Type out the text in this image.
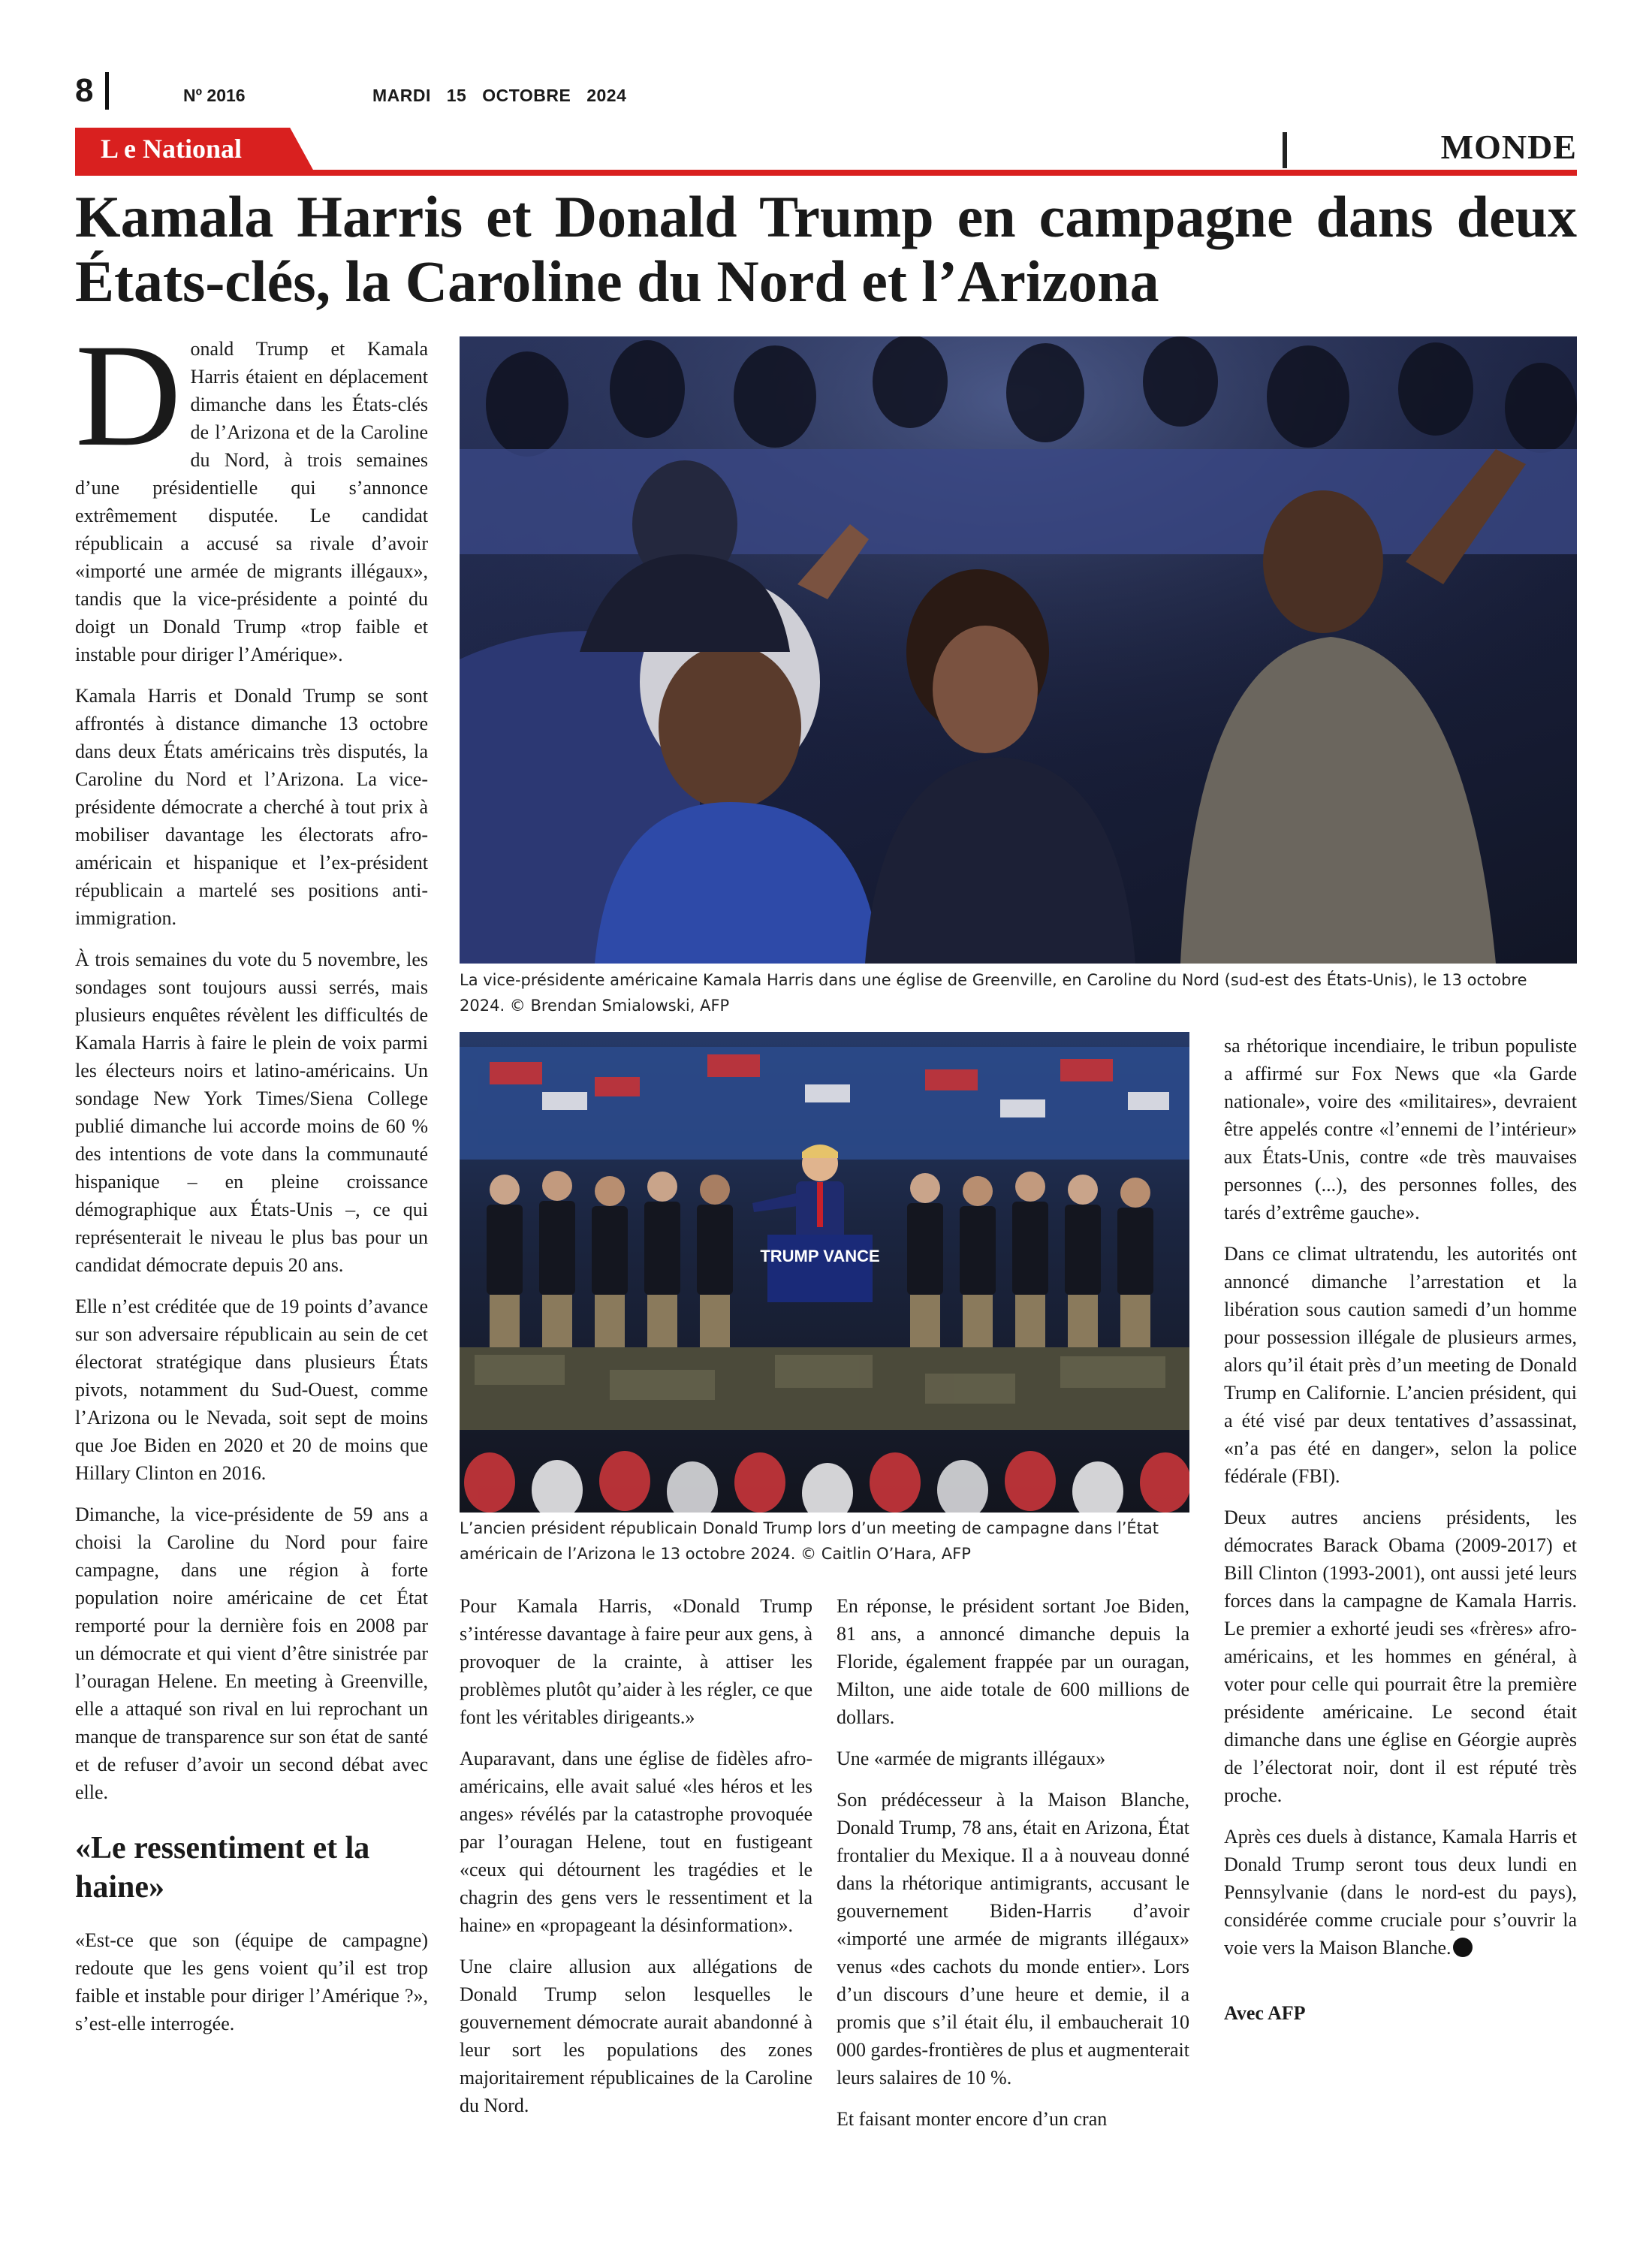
8	Nº 2016	MARDI 15 OCTOBRE 2024
L e National	MONDE
Kamala Harris et Donald Trump en campagne dans deux États-clés, la Caroline du Nord et l’Arizona

Donald Trump et Kamala Harris étaient en déplacement dimanche dans les États-clés de l’Arizona et de la Caroline du Nord, à trois semaines d’une présidentielle qui s’annonce extrêmement disputée. Le candidat républicain a accusé sa rivale d’avoir «importé une armée de migrants illégaux», tandis que la vice-présidente a pointé du doigt un Donald Trump «trop faible et instable pour diriger l’Amérique».

Kamala Harris et Donald Trump se sont affrontés à distance dimanche 13 octobre dans deux États américains très disputés, la Caroline du Nord et l’Arizona. La vice-présidente démocrate a cherché à tout prix à mobiliser davantage les électorats afro-américain et hispanique et l’ex-président républicain a martelé ses positions anti-immigration.

À trois semaines du vote du 5 novembre, les sondages sont toujours aussi serrés, mais plusieurs enquêtes révèlent les difficultés de Kamala Harris à faire le plein de voix parmi les électeurs noirs et latino-américains. Un sondage New York Times/Siena College publié dimanche lui accorde moins de 60 % des intentions de vote dans la communauté hispanique – en pleine croissance démographique aux États-Unis –, ce qui représenterait le niveau le plus bas pour un candidat démocrate depuis 20 ans.

Elle n’est créditée que de 19 points d’avance sur son adversaire républicain au sein de cet électorat stratégique dans plusieurs États pivots, notamment du Sud-Ouest, comme l’Arizona ou le Nevada, soit sept de moins que Joe Biden en 2020 et 20 de moins que Hillary Clinton en 2016.

Dimanche, la vice-présidente de 59 ans a choisi la Caroline du Nord pour faire campagne, dans une région à forte population noire américaine de cet État remporté pour la dernière fois en 2008 par un démocrate et qui vient d’être sinistrée par l’ouragan Helene. En meeting à Greenville, elle a attaqué son rival en lui reprochant un manque de transparence sur son état de santé et de refuser d’avoir un second débat avec elle.

«Le ressentiment et la haine»

«Est-ce que son (équipe de campagne) redoute que les gens voient qu’il est trop faible et instable pour diriger l’Amérique ?», s’est-elle interrogée.

La vice-présidente américaine Kamala Harris dans une église de Greenville, en Caroline du Nord (sud-est des États-Unis), le 13 octobre 2024. © Brendan Smialowski, AFP
TRUMP VANCE
L’ancien président républicain Donald Trump lors d’un meeting de campagne dans l’État américain de l’Arizona le 13 octobre 2024. © Caitlin O’Hara, AFP

Pour Kamala Harris, «Donald Trump s’intéresse davantage à faire peur aux gens, à provoquer de la crainte, à attiser les problèmes plutôt qu’aider à les régler, ce que font les véritables dirigeants.»

Auparavant, dans une église de fidèles afro-américains, elle avait salué «les héros et les anges» révélés par la catastrophe provoquée par l’ouragan Helene, tout en fustigeant «ceux qui détournent les tragédies et le chagrin des gens vers le ressentiment et la haine» en «propageant la désinformation».

Une claire allusion aux allégations de Donald Trump selon lesquelles le gouvernement démocrate aurait abandonné à leur sort les populations des zones majoritairement républicaines de la Caroline du Nord.

En réponse, le président sortant Joe Biden, 81 ans, a annoncé dimanche depuis la Floride, également frappée par un ouragan, Milton, une aide totale de 600 millions de dollars.

Une «armée de migrants illégaux»

Son prédécesseur à la Maison Blanche, Donald Trump, 78 ans, était en Arizona, État frontalier du Mexique. Il a à nouveau donné dans la rhétorique antimigrants, accusant le gouvernement Biden-Harris d’avoir «importé une armée de migrants illégaux» venus «des cachots du monde entier». Lors d’un discours d’une heure et demie, il a promis que s’il était élu, il embaucherait 10 000 gardes-frontières de plus et augmenterait leurs salaires de 10 %.

Et faisant monter encore d’un cran

sa rhétorique incendiaire, le tribun populiste a affirmé sur Fox News que «la Garde nationale», voire des «militaires», devraient être appelés contre «l’ennemi de l’intérieur» aux États-Unis, contre «de très mauvaises personnes (...), des personnes folles, des tarés d’extrême gauche».

Dans ce climat ultratendu, les autorités ont annoncé dimanche l’arrestation et la libération sous caution samedi d’un homme pour possession illégale de plusieurs armes, alors qu’il était près d’un meeting de Donald Trump en Californie. L’ancien président, qui a été visé par deux tentatives d’assassinat, «n’a pas été en danger», selon la police fédérale (FBI).

Deux autres anciens présidents, les démocrates Barack Obama (2009-2017) et Bill Clinton (1993-2001), ont aussi jeté leurs forces dans la campagne de Kamala Harris. Le premier a exhorté jeudi ses «frères» afro-américains, et les hommes en général, à voter pour celle qui pourrait être la première présidente américaine. Le second était dimanche dans une église en Géorgie auprès de l’électorat noir, dont il est réputé très proche.

Après ces duels à distance, Kamala Harris et Donald Trump seront tous deux lundi en Pennsylvanie (dans le nord-est du pays), considérée comme cruciale pour s’ouvrir la voie vers la Maison Blanche.

Avec AFP
